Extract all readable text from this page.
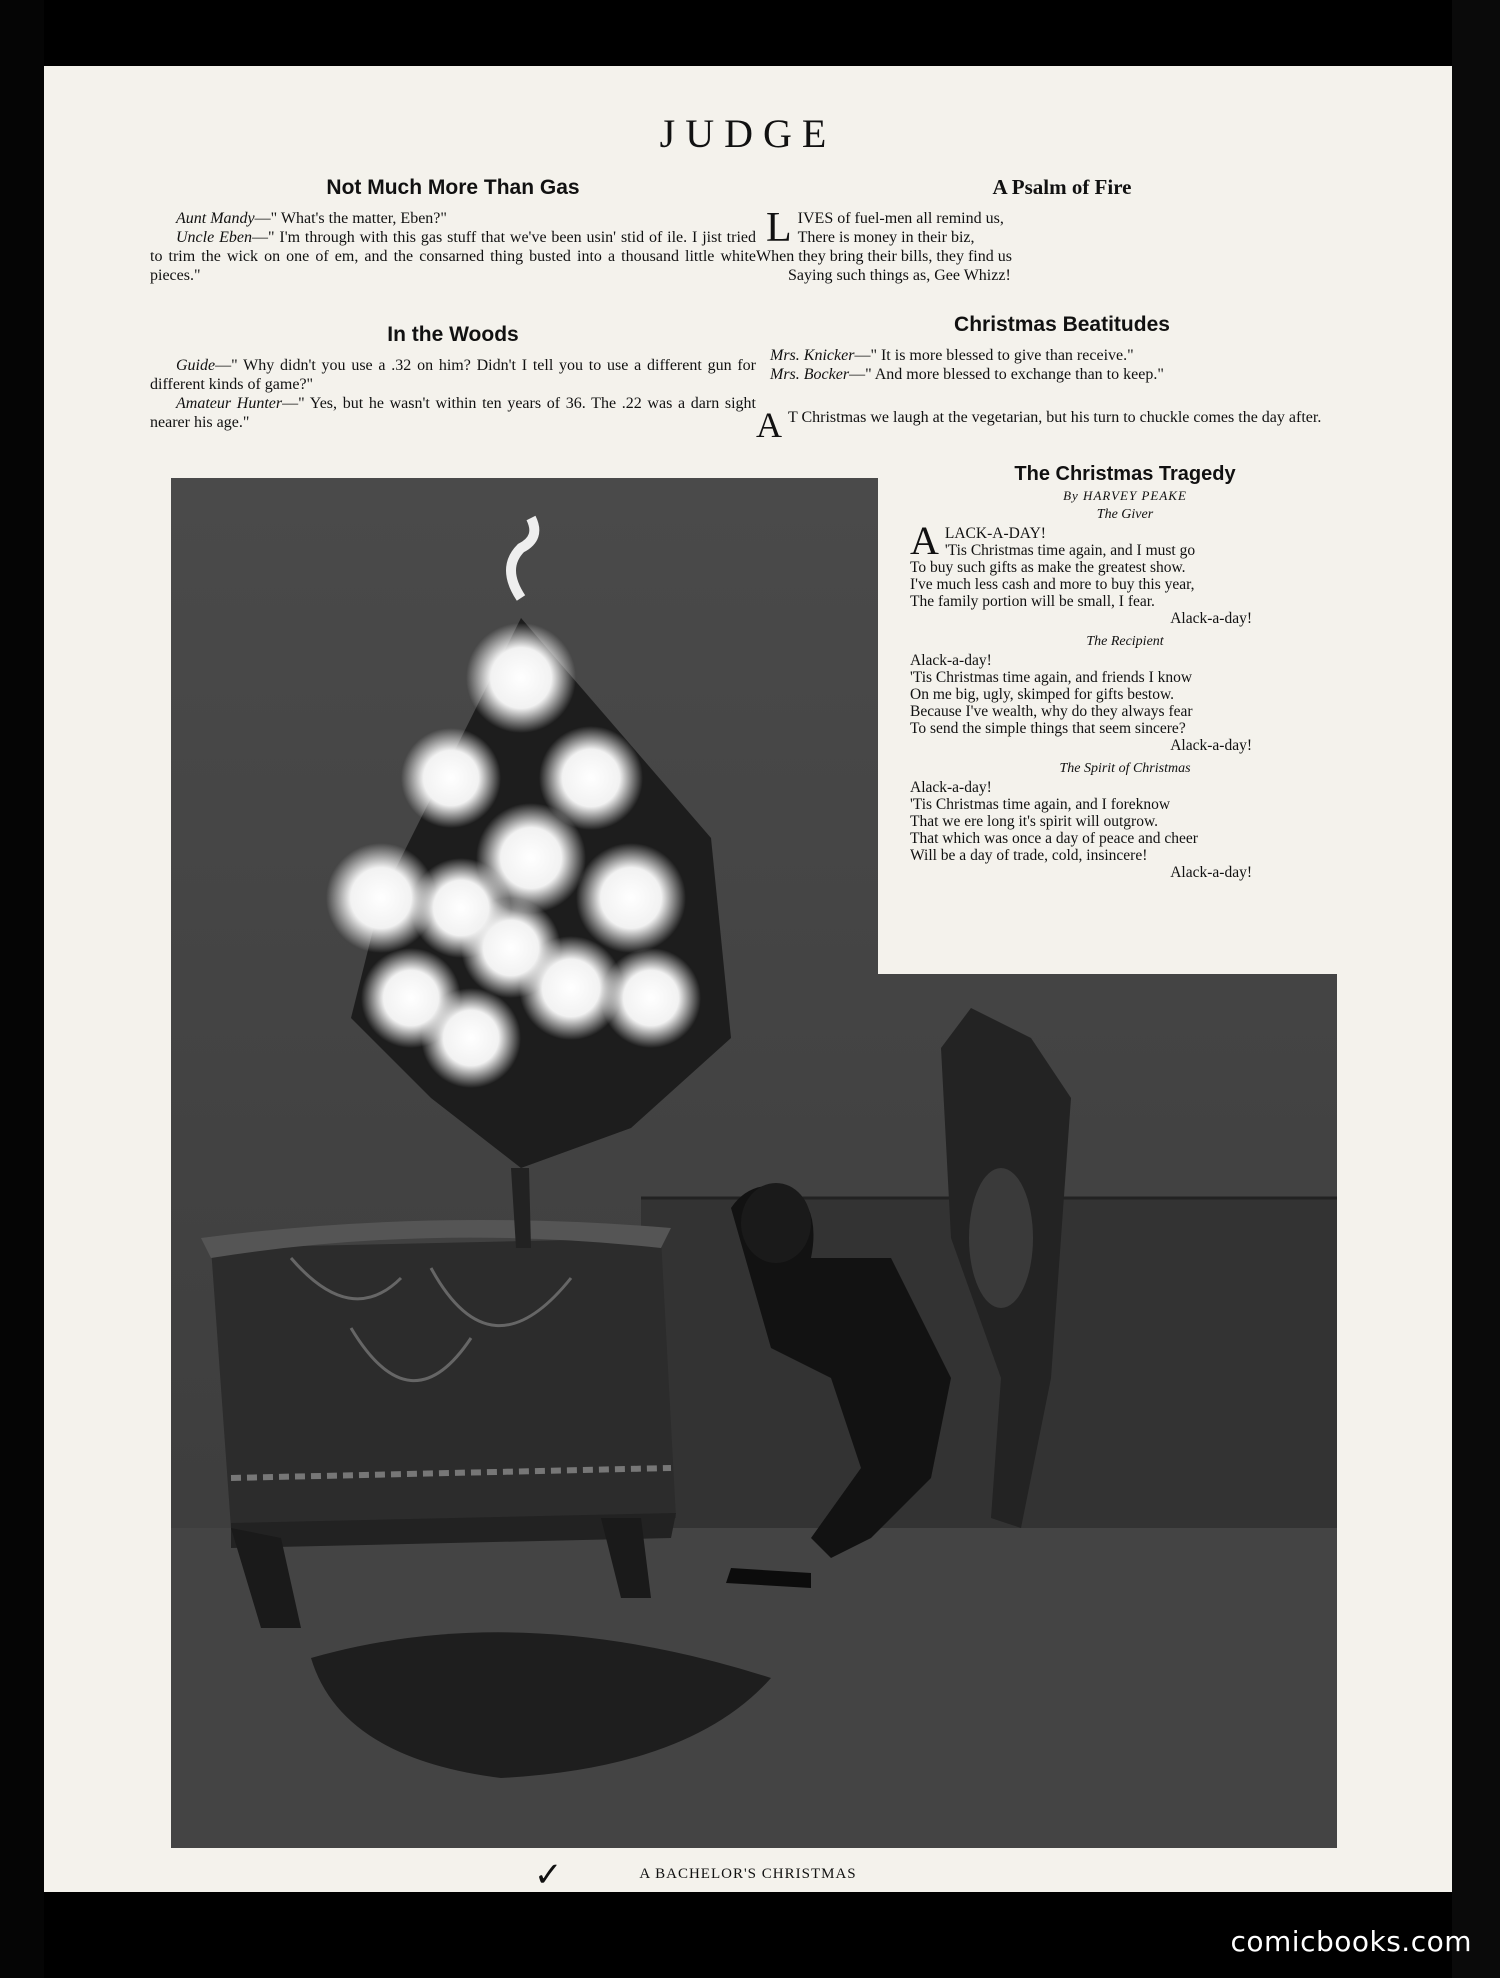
JUDGE
Not Much More Than Gas

Aunt Mandy—" What's the matter, Eben?"

Uncle Eben—" I'm through with this gas stuff that we've been usin' stid of ile. I jist tried to trim the wick on one of em, and the consarned thing busted into a thousand little white pieces."

In the Woods

Guide—" Why didn't you use a .32 on him? Didn't I tell you to use a different gun for different kinds of game?"

Amateur Hunter—" Yes, but he wasn't within ten years of 36. The .22 was a darn sight nearer his age."

A Psalm of Fire
L IVES of fuel-men all remind us,
There is money in their biz,
When they bring their bills, they find us
Saying such things as, Gee Whizz!
Christmas Beatitudes

Mrs. Knicker—" It is more blessed to give than receive."

Mrs. Bocker—" And more blessed to exchange than to keep."

A T Christmas we laugh at the vegetarian, but his turn to chuckle comes the day after.

The Christmas Tragedy
By HARVEY PEAKE
The Giver
A LACK-A-DAY!
'Tis Christmas time again, and I must go
To buy such gifts as make the greatest show.
I've much less cash and more to buy this year,
The family portion will be small, I fear.
Alack-a-day!
The Recipient
Alack-a-day!
'Tis Christmas time again, and friends I know
On me big, ugly, skimped for gifts bestow.
Because I've wealth, why do they always fear
To send the simple things that seem sincere?
Alack-a-day!
The Spirit of Christmas
Alack-a-day!
'Tis Christmas time again, and I foreknow
That we ere long it's spirit will outgrow.
That which was once a day of peace and cheer
Will be a day of trade, cold, insincere!
Alack-a-day!
✓	A BACHELOR'S CHRISTMAS
comicbooks.com
